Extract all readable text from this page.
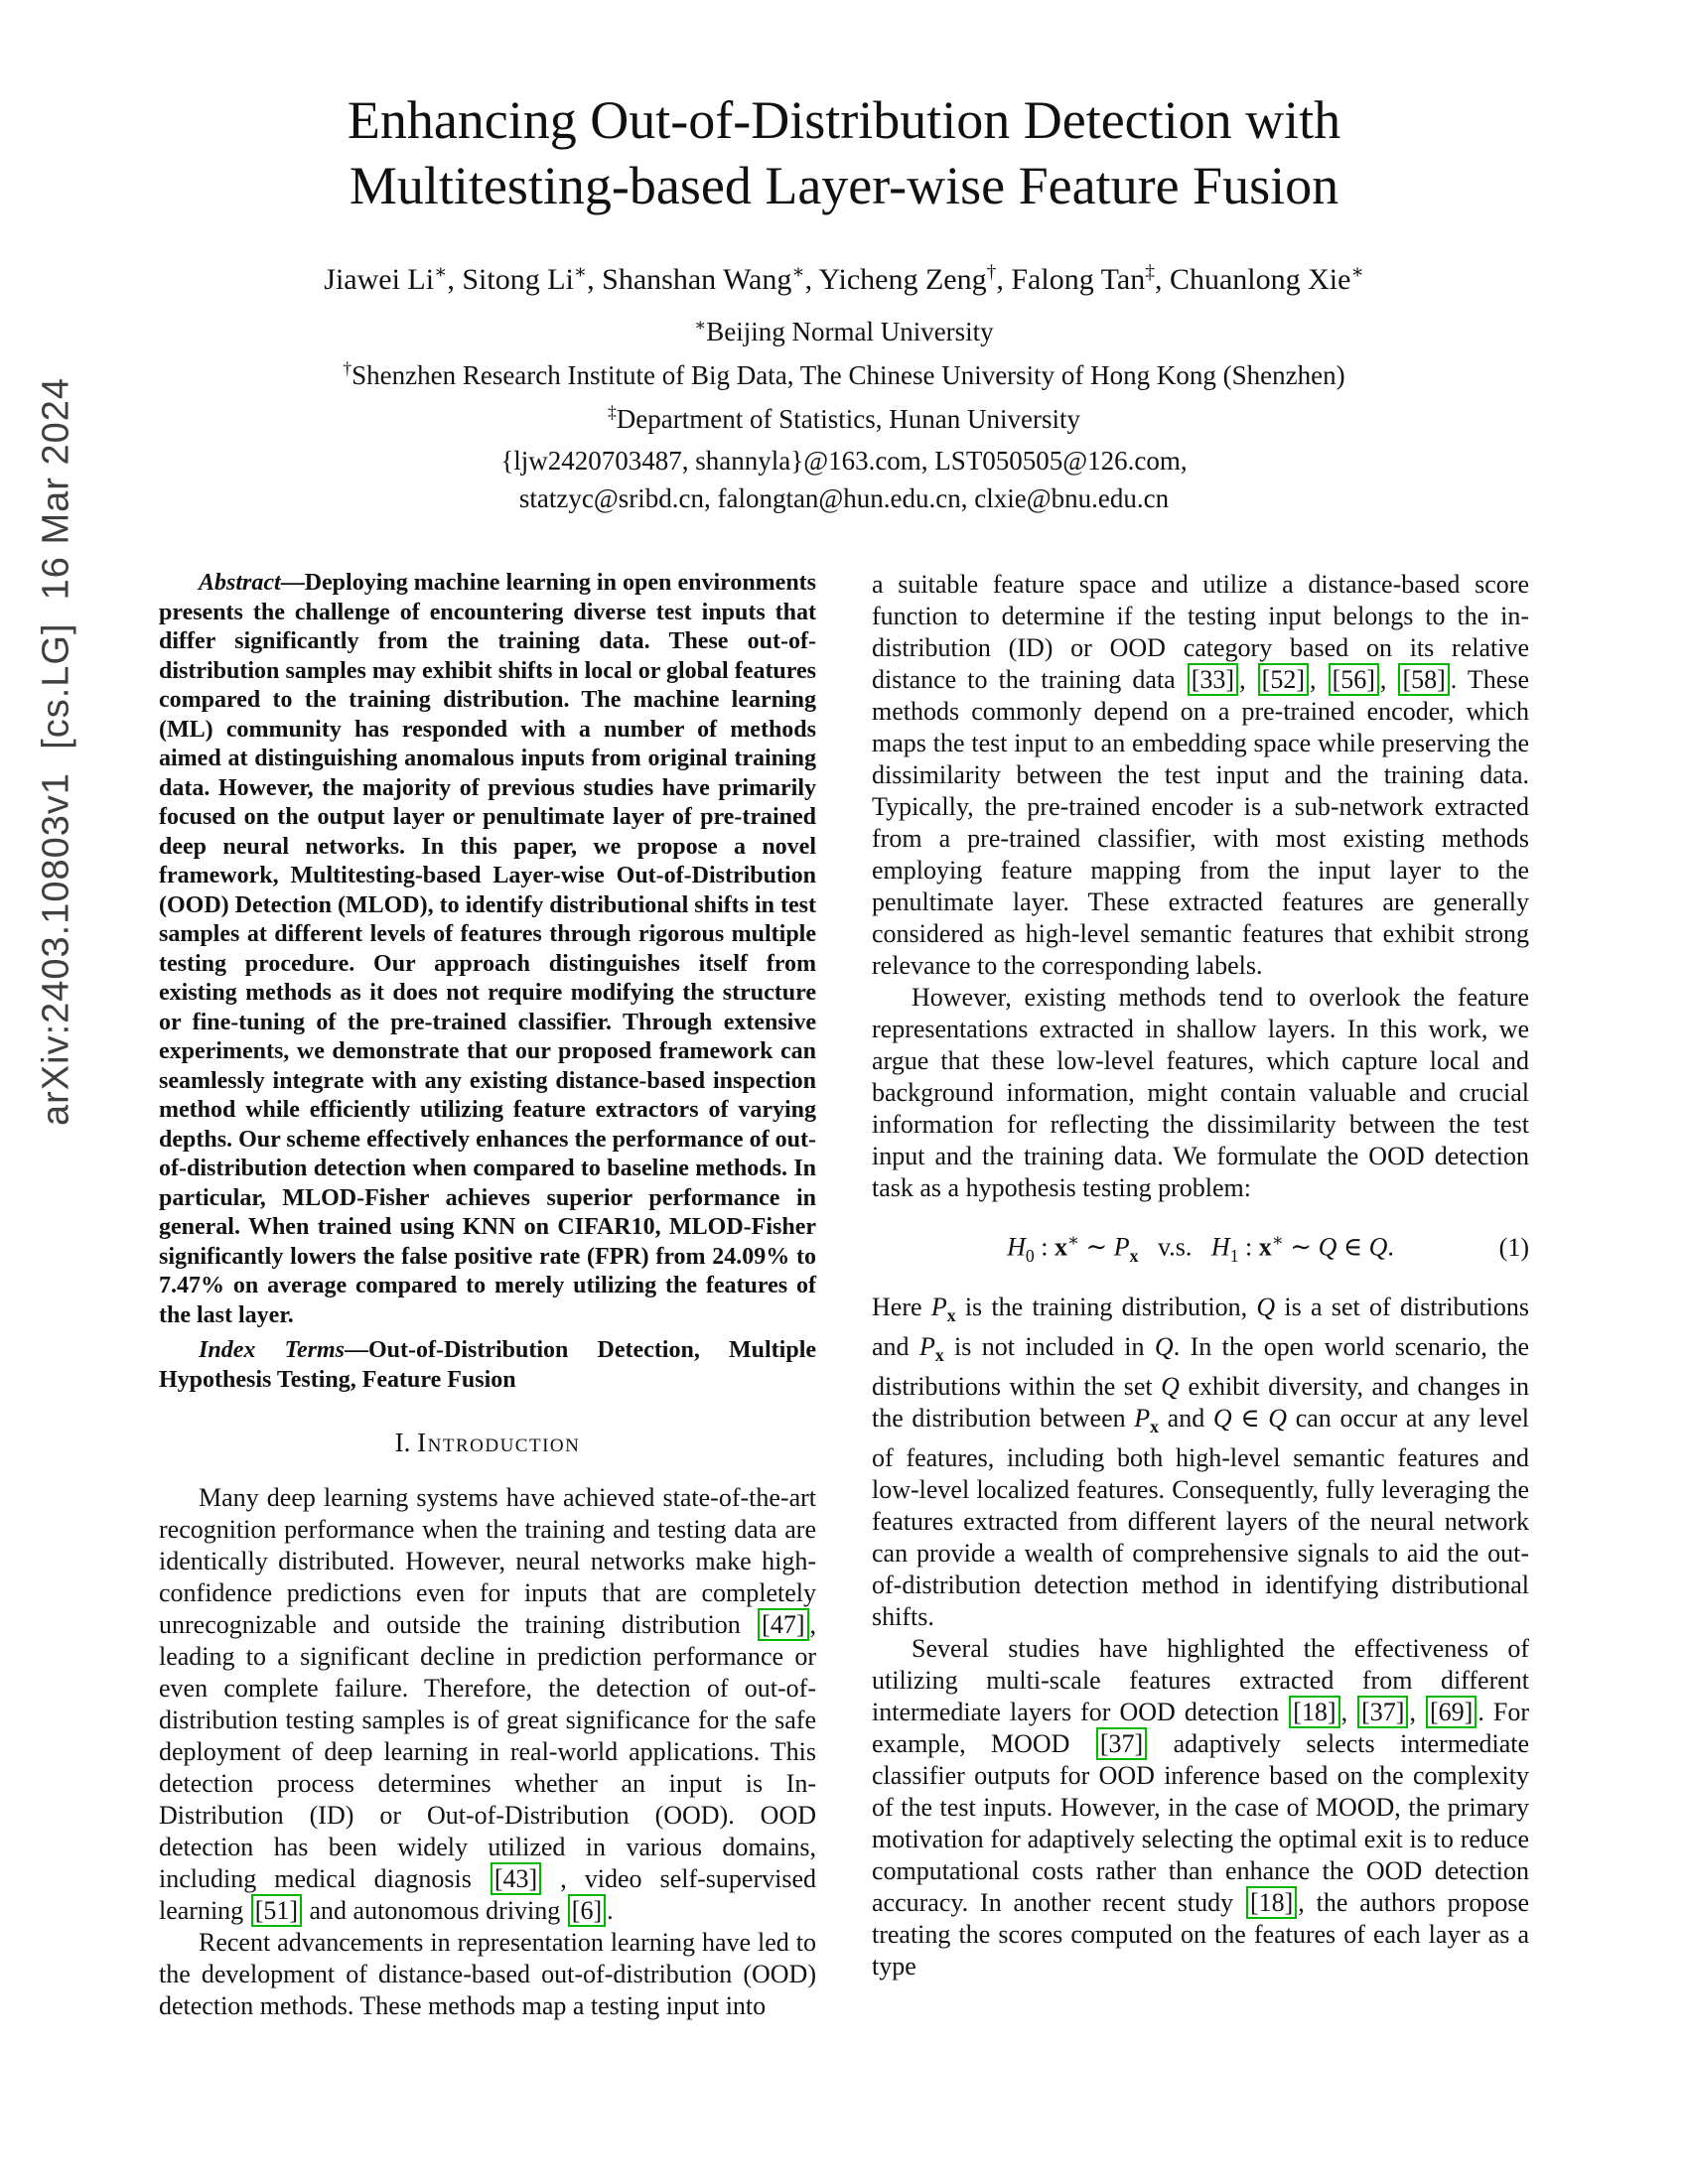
arXiv:2403.10803v1  [cs.LG]  16 Mar 2024
Enhancing Out-of-Distribution Detection with
Multitesting-based Layer-wise Feature Fusion
Jiawei Li∗, Sitong Li∗, Shanshan Wang∗, Yicheng Zeng†, Falong Tan‡, Chuanlong Xie∗
∗Beijing Normal University
†Shenzhen Research Institute of Big Data, The Chinese University of Hong Kong (Shenzhen)
‡Department of Statistics, Hunan University
{ljw2420703487, shannyla}@163.com, LST050505@126.com,
statzyc@sribd.cn, falongtan@hun.edu.cn, clxie@bnu.edu.cn
Abstract—Deploying machine learning in open environments presents the challenge of encountering diverse test inputs that differ significantly from the training data. These out-of-distribution samples may exhibit shifts in local or global features compared to the training distribution. The machine learning (ML) community has responded with a number of methods aimed at distinguishing anomalous inputs from original training data. However, the majority of previous studies have primarily focused on the output layer or penultimate layer of pre-trained deep neural networks. In this paper, we propose a novel framework, Multitesting-based Layer-wise Out-of-Distribution (OOD) Detection (MLOD), to identify distributional shifts in test samples at different levels of features through rigorous multiple testing procedure. Our approach distinguishes itself from existing methods as it does not require modifying the structure or fine-tuning of the pre-trained classifier. Through extensive experiments, we demonstrate that our proposed framework can seamlessly integrate with any existing distance-based inspection method while efficiently utilizing feature extractors of varying depths. Our scheme effectively enhances the performance of out-of-distribution detection when compared to baseline methods. In particular, MLOD-Fisher achieves superior performance in general. When trained using KNN on CIFAR10, MLOD-Fisher significantly lowers the false positive rate (FPR) from 24.09% to 7.47% on average compared to merely utilizing the features of the last layer.
Index Terms—Out-of-Distribution Detection, Multiple Hypothesis Testing, Feature Fusion
I. Introduction
Many deep learning systems have achieved state-of-the-art recognition performance when the training and testing data are identically distributed. However, neural networks make high-confidence predictions even for inputs that are completely unrecognizable and outside the training distribution [47] , leading to a significant decline in prediction performance or even complete failure. Therefore, the detection of out-of-distribution testing samples is of great significance for the safe deployment of deep learning in real-world applications. This detection process determines whether an input is In-Distribution (ID) or Out-of-Distribution (OOD). OOD detection has been widely utilized in various domains, including medical diagnosis [43] , video self-supervised learning [51] and autonomous driving [6] .
Recent advancements in representation learning have led to the development of distance-based out-of-distribution (OOD) detection methods. These methods map a testing input into
a suitable feature space and utilize a distance-based score function to determine if the testing input belongs to the in-distribution (ID) or OOD category based on its relative distance to the training data [33] , [52] , [56] , [58] . These methods commonly depend on a pre-trained encoder, which maps the test input to an embedding space while preserving the dissimilarity between the test input and the training data. Typically, the pre-trained encoder is a sub-network extracted from a pre-trained classifier, with most existing methods employing feature mapping from the input layer to the penultimate layer. These extracted features are generally considered as high-level semantic features that exhibit strong relevance to the corresponding labels.
However, existing methods tend to overlook the feature representations extracted in shallow layers. In this work, we argue that these low-level features, which capture local and background information, might contain valuable and crucial information for reflecting the dissimilarity between the test input and the training data. We formulate the OOD detection task as a hypothesis testing problem:
$H_0$ : x∗ ∼ $P_x$   v.s.   $H_1$ : x∗ ∼ Q ∈ Q.	(1)
Here $P_x$ is the training distribution, Q is a set of distributions and $P_x$ is not included in Q. In the open world scenario, the distributions within the set Q exhibit diversity, and changes in the distribution between $P_x$ and Q ∈ Q can occur at any level of features, including both high-level semantic features and low-level localized features. Consequently, fully leveraging the features extracted from different layers of the neural network can provide a wealth of comprehensive signals to aid the out-of-distribution detection method in identifying distributional shifts.
Several studies have highlighted the effectiveness of utilizing multi-scale features extracted from different intermediate layers for OOD detection [18] , [37] , [69] . For example, MOOD [37] adaptively selects intermediate classifier outputs for OOD inference based on the complexity of the test inputs. However, in the case of MOOD, the primary motivation for adaptively selecting the optimal exit is to reduce computational costs rather than enhance the OOD detection accuracy. In another recent study [18] , the authors propose treating the scores computed on the features of each layer as a type
